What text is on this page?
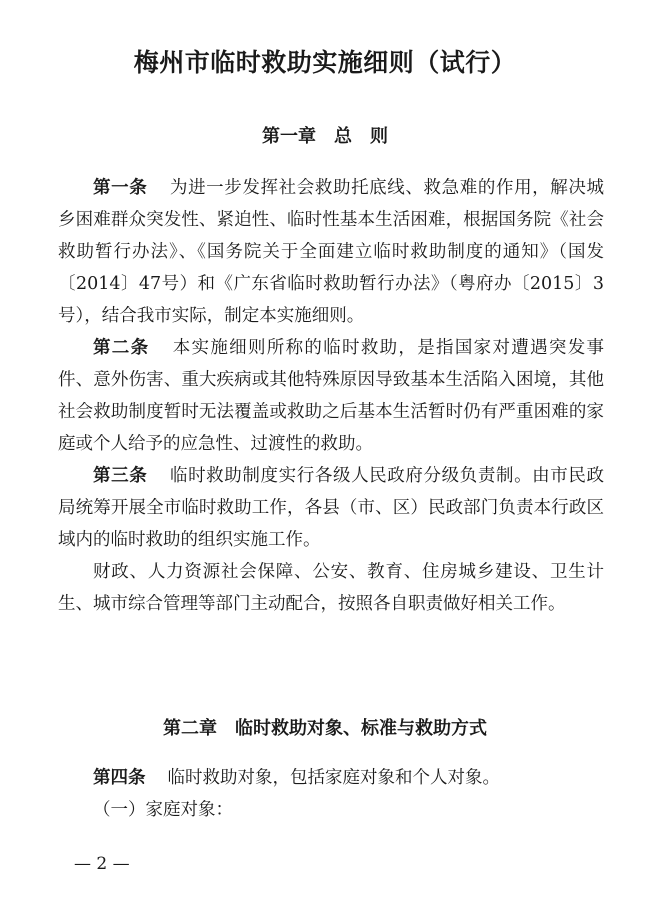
梅州市临时救助实施细则（试行）
第一章　总　则

第一条 为进一步发挥社会救助托底线、救急难的作用，解决城乡困难群众突发性、紧迫性、临时性基本生活困难，根据国务院《社会救助暂行办法》、《国务院关于全面建立临时救助制度的通知》（国发〔2014〕47号）和《广东省临时救助暂行办法》（粤府办〔2015〕3号），结合我市实际，制定本实施细则。

第二条 本实施细则所称的临时救助，是指国家对遭遇突发事件、意外伤害、重大疾病或其他特殊原因导致基本生活陷入困境，其他社会救助制度暂时无法覆盖或救助之后基本生活暂时仍有严重困难的家庭或个人给予的应急性、过渡性的救助。

第三条 临时救助制度实行各级人民政府分级负责制。由市民政局统筹开展全市临时救助工作，各县（市、区）民政部门负责本行政区域内的临时救助的组织实施工作。

财政、人力资源社会保障、公安、教育、住房城乡建设、卫生计生、城市综合管理等部门主动配合，按照各自职责做好相关工作。

第二章　临时救助对象、标准与救助方式

第四条 临时救助对象，包括家庭对象和个人对象。

（一）家庭对象：

— 2 —
